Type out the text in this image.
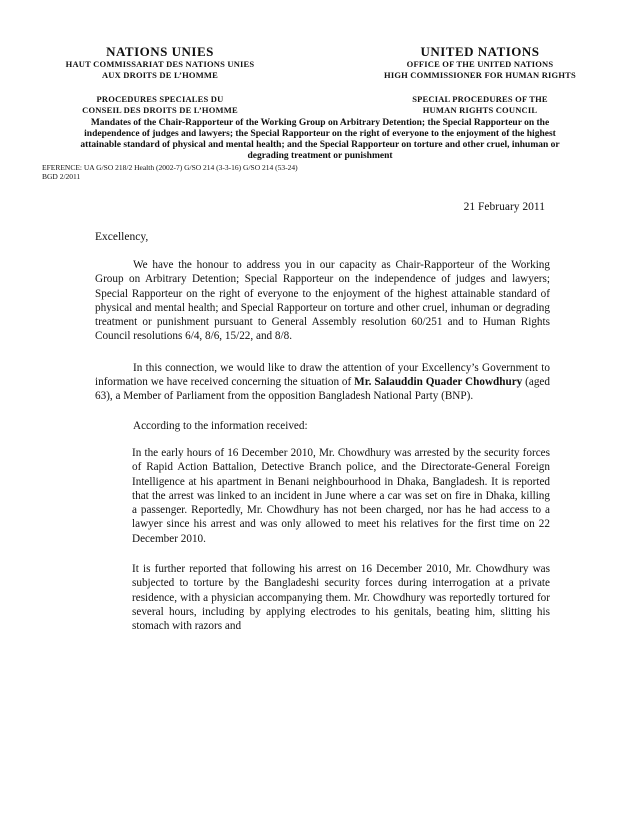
NATIONS UNIES
HAUT COMMISSARIAT DES NATIONS UNIES
AUX DROITS DE L’HOMME
UNITED NATIONS
OFFICE OF THE UNITED NATIONS
HIGH COMMISSIONER FOR HUMAN RIGHTS
PROCEDURES SPECIALES DU
CONSEIL DES DROITS DE L’HOMME
SPECIAL PROCEDURES OF THE
HUMAN RIGHTS COUNCIL
Mandates of the Chair-Rapporteur of the Working Group on Arbitrary Detention; the Special Rapporteur on the independence of judges and lawyers; the Special Rapporteur on the right of everyone to the enjoyment of the highest attainable standard of physical and mental health; and the Special Rapporteur on torture and other cruel, inhuman or degrading treatment or punishment
EFERENCE: UA G/SO 218/2 Health (2002-7) G/SO 214 (3-3-16) G/SO 214 (53-24)
BGD 2/2011
21 February 2011
Excellency,
We have the honour to address you in our capacity as Chair-Rapporteur of the Working Group on Arbitrary Detention; Special Rapporteur on the independence of judges and lawyers; Special Rapporteur on the right of everyone to the enjoyment of the highest attainable standard of physical and mental health; and Special Rapporteur on torture and other cruel, inhuman or degrading treatment or punishment pursuant to General Assembly resolution 60/251 and to Human Rights Council resolutions 6/4, 8/6, 15/22, and 8/8.
In this connection, we would like to draw the attention of your Excellency’s Government to information we have received concerning the situation of Mr. Salauddin Quader Chowdhury (aged 63), a Member of Parliament from the opposition Bangladesh National Party (BNP).
According to the information received:
In the early hours of 16 December 2010, Mr. Chowdhury was arrested by the security forces of Rapid Action Battalion, Detective Branch police, and the Directorate-General Foreign Intelligence at his apartment in Benani neighbourhood in Dhaka, Bangladesh. It is reported that the arrest was linked to an incident in June where a car was set on fire in Dhaka, killing a passenger. Reportedly, Mr. Chowdhury has not been charged, nor has he had access to a lawyer since his arrest and was only allowed to meet his relatives for the first time on 22 December 2010.
It is further reported that following his arrest on 16 December 2010, Mr. Chowdhury was subjected to torture by the Bangladeshi security forces during interrogation at a private residence, with a physician accompanying them. Mr. Chowdhury was reportedly tortured for several hours, including by applying electrodes to his genitals, beating him, slitting his stomach with razors and
